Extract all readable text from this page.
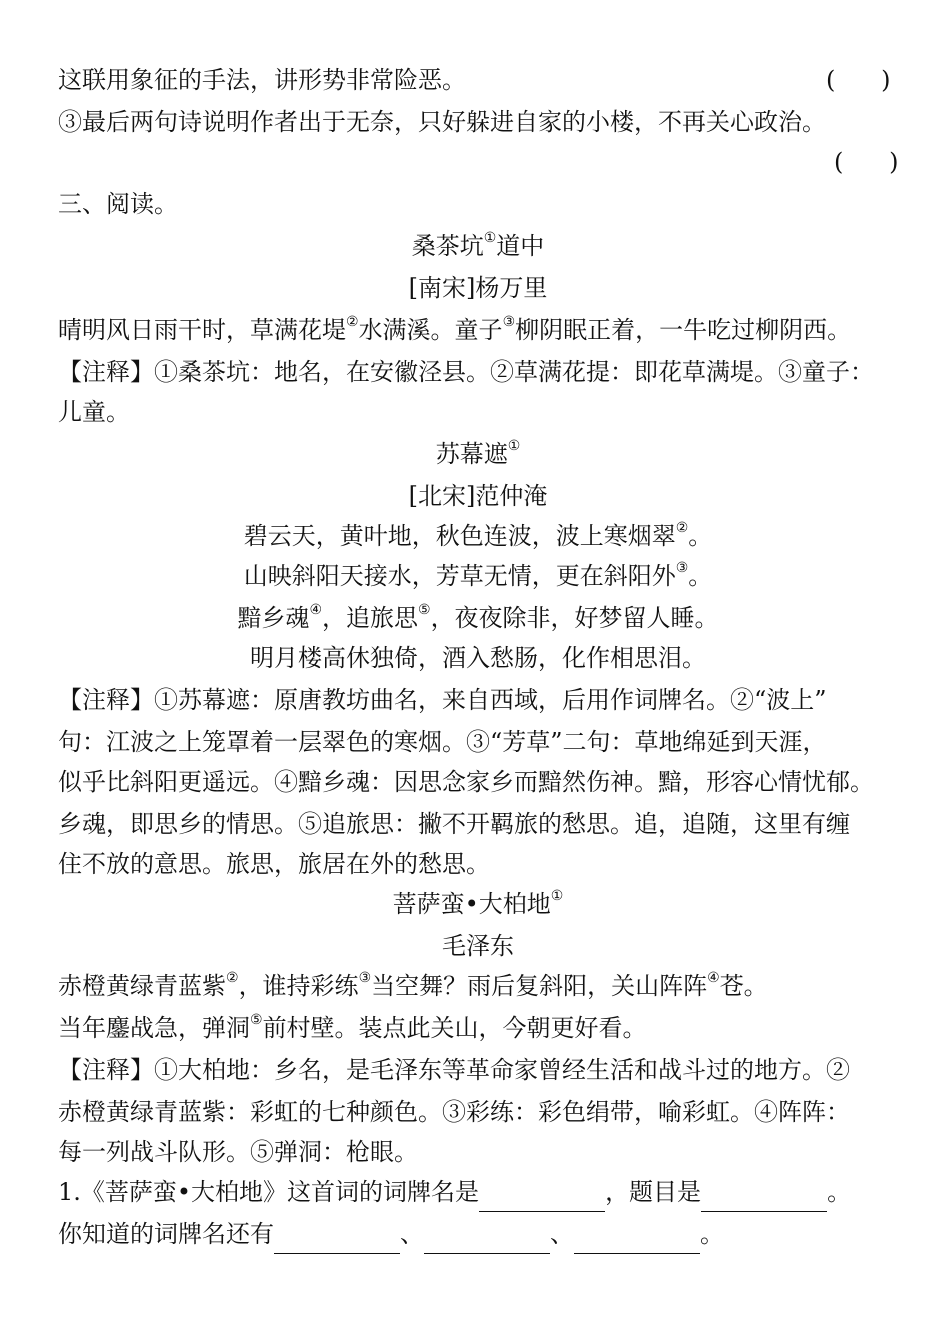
这联用象征的手法，讲形势非常险恶。	(      )
③最后两句诗说明作者出于无奈，只好躲进自家的小楼，不再关心政治。
(      )
三、阅读。
桑茶坑①道中
[南宋]杨万里
晴明风日雨干时，草满花堤②水满溪。童子③柳阴眠正着，一牛吃过柳阴西。
【注释】①桑茶坑：地名，在安徽泾县。②草满花提：即花草满堤。③童子：
儿童。
苏幕遮①
[北宋]范仲淹
碧云天，黄叶地，秋色连波，波上寒烟翠②。
山映斜阳天接水，芳草无情，更在斜阳外③。
黯乡魂④，追旅思⑤，夜夜除非，好梦留人睡。
明月楼高休独倚，酒入愁肠，化作相思泪。
【注释】①苏幕遮：原唐教坊曲名，来自西域，后用作词牌名。②“波上”
句：江波之上笼罩着一层翠色的寒烟。③“芳草”二句：草地绵延到天涯，
似乎比斜阳更遥远。④黯乡魂：因思念家乡而黯然伤神。黯，形容心情忧郁。
乡魂，即思乡的情思。⑤追旅思：撇不开羁旅的愁思。追，追随，这里有缠
住不放的意思。旅思，旅居在外的愁思。
菩萨蛮•大柏地①
毛泽东
赤橙黄绿青蓝紫②，谁持彩练③当空舞？雨后复斜阳，关山阵阵④苍。
当年鏖战急，弹洞⑤前村壁。装点此关山，今朝更好看。
【注释】①大柏地：乡名，是毛泽东等革命家曾经生活和战斗过的地方。②
赤橙黄绿青蓝紫：彩虹的七种颜色。③彩练：彩色绢带，喻彩虹。④阵阵：
每一列战斗队形。⑤弹洞：枪眼。
1.《菩萨蛮•大柏地》这首词的词牌名是	，题目是	。
你知道的词牌名还有	、	、	。
